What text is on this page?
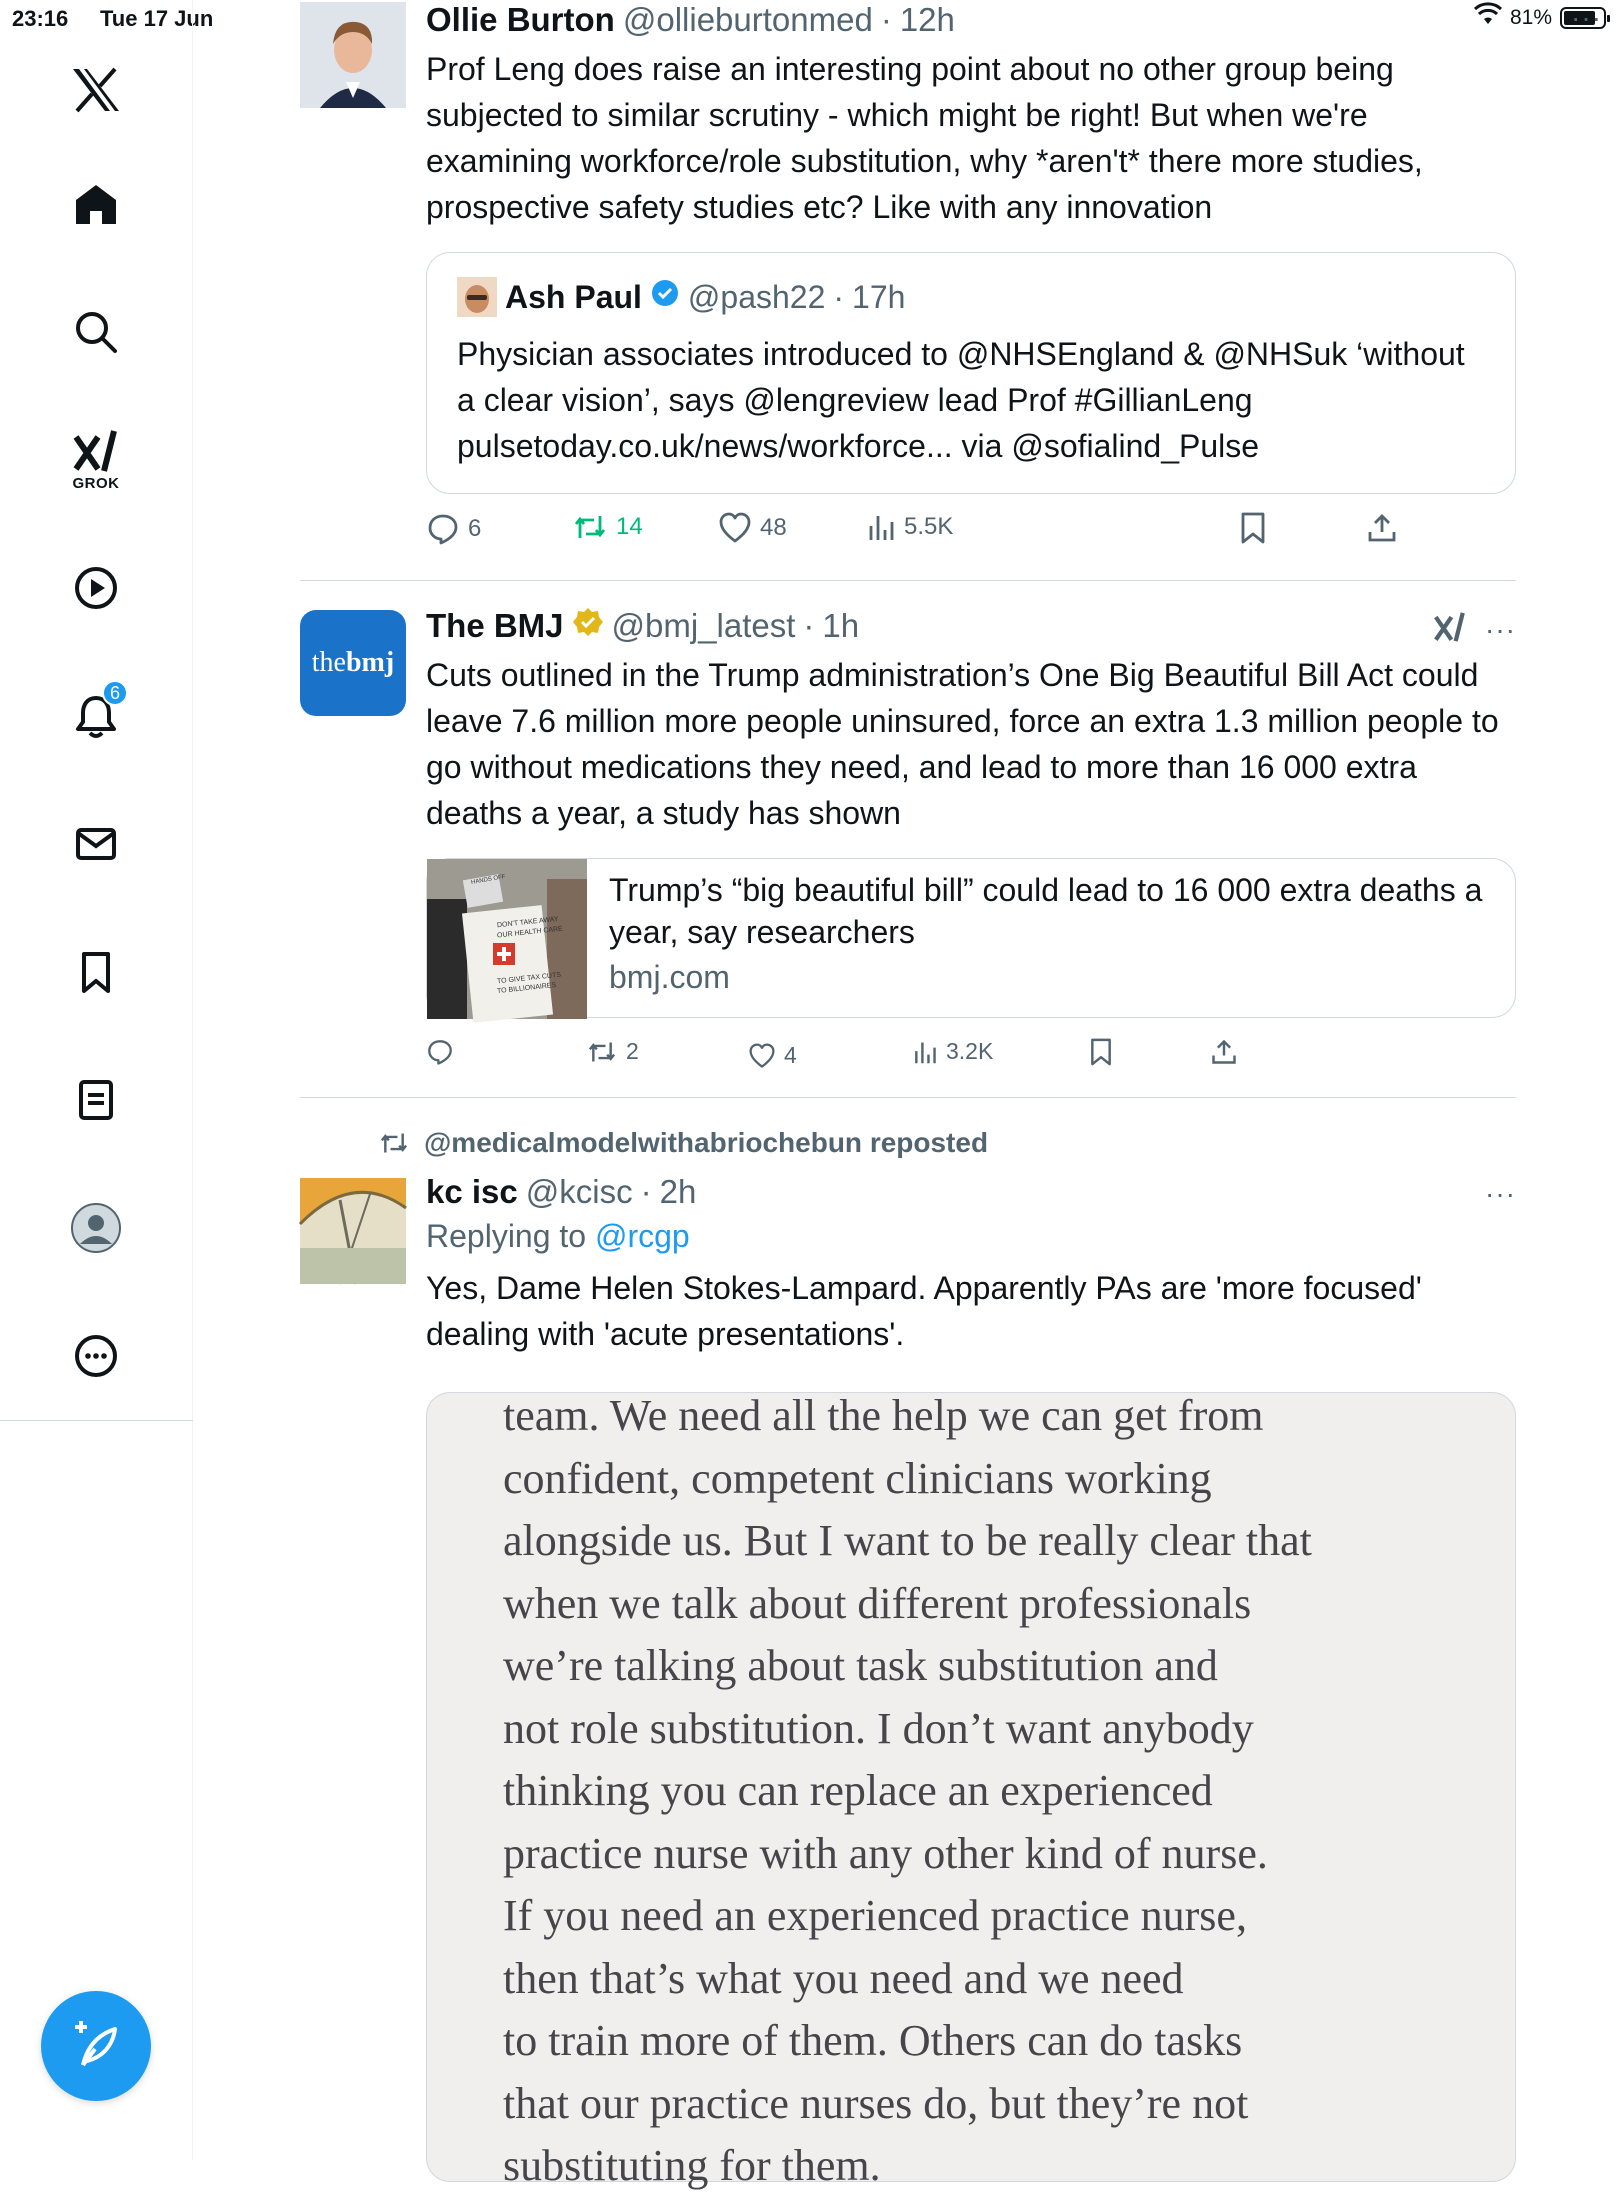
23:16 Tue 17 Jun	81%
GROK
6
Ollie Burton @ollieburtonmed · 12h
Prof Leng does raise an interesting point about no other group being subjected to similar scrutiny - which might be right! But when we're examining workforce/role substitution, why *aren't* there more studies, prospective safety studies etc? Like with any innovation
Ash Paul @pash22 · 17h
Physician associates introduced to @NHSEngland & @NHSuk ‘without a clear vision’, says @lengreview lead Prof #GillianLeng pulsetoday.co.uk/news/workforce... via @sofialind_Pulse
6	14	48	5.5K
···
thebmj
The BMJ @bmj_latest · 1h
Cuts outlined in the Trump administration’s One Big Beautiful Bill Act could leave 7.6 million more people uninsured, force an extra 1.3 million people to go without medications they need, and lead to more than 16 000 extra deaths a year, a study has shown
HANDS OFF
DON'T TAKE AWAY
OUR HEALTH CARE
TO GIVE TAX CUTS
TO BILLIONAIRES
Trump’s “big beautiful bill” could lead to 16 000 extra deaths a year, say researchers
bmj.com
2	4	3.2K
···
@medicalmodelwithabriochebun reposted
kc isc @kcisc · 2h
Replying to @rcgp
Yes, Dame Helen Stokes-Lampard. Apparently PAs are 'more focused' dealing with 'acute presentations'.
···
team. We need all the help we can get from
confident, competent clinicians working
alongside us. But I want to be really clear that
when we talk about different professionals
we’re talking about task substitution and
not role substitution. I don’t want anybody
thinking you can replace an experienced
practice nurse with any other kind of nurse.
If you need an experienced practice nurse,
then that’s what you need and we need
to train more of them. Others can do tasks
that our practice nurses do, but they’re not
substituting for them.
